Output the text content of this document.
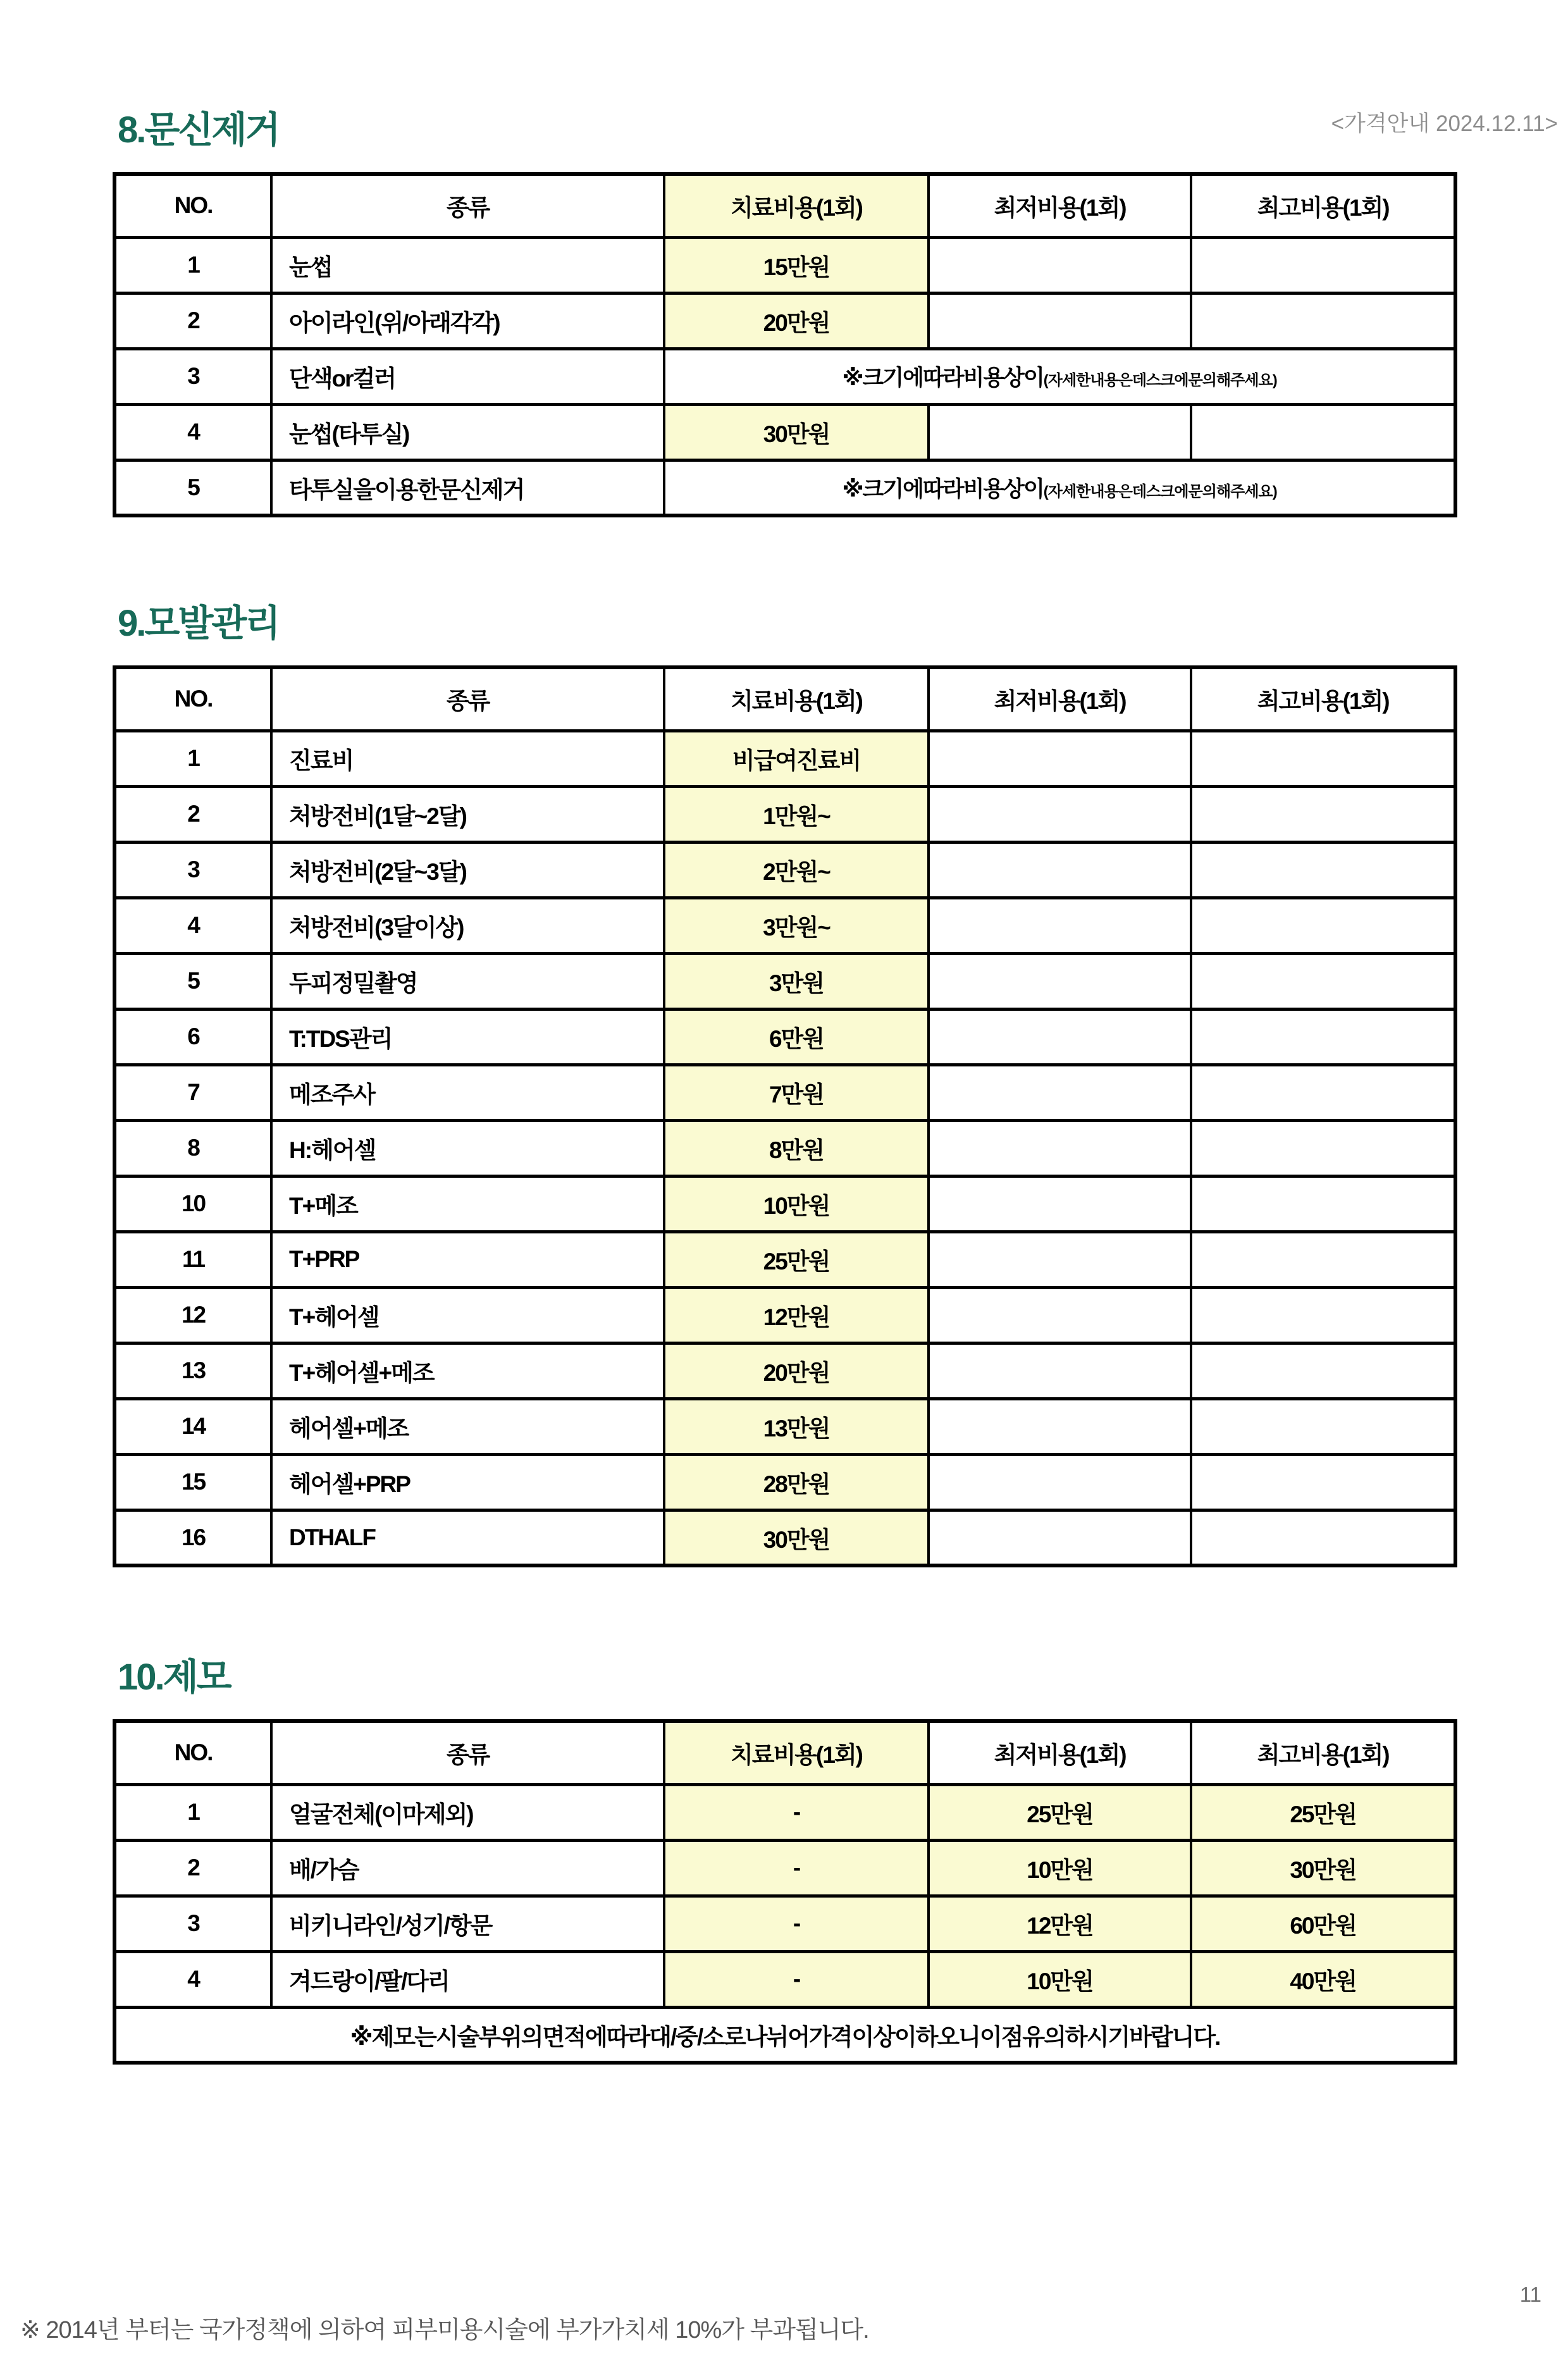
<가격안내 2024.12.11>
8.문신제거
NO.	종류	치료비용(1회)	최저비용(1회)	최고비용(1회)
1	눈썹	15만원		
2	아이라인(위/아래각각)	20만원		
3	단색or컬러	※크기에따라비용상이(자세한내용은데스크에문의해주세요)		
4	눈썹(타투실)	30만원		
5	타투실을이용한문신제거	※크기에따라비용상이(자세한내용은데스크에문의해주세요)		
9.모발관리
NO.	종류	치료비용(1회)	최저비용(1회)	최고비용(1회)
1	진료비	비급여진료비		
2	처방전비(1달~2달)	1만원~		
3	처방전비(2달~3달)	2만원~		
4	처방전비(3달이상)	3만원~		
5	두피정밀촬영	3만원		
6	T:TDS관리	6만원		
7	메조주사	7만원		
8	H:헤어셀	8만원		
10	T+메조	10만원		
11	T+PRP	25만원		
12	T+헤어셀	12만원		
13	T+헤어셀+메조	20만원		
14	헤어셀+메조	13만원		
15	헤어셀+PRP	28만원		
16	DTHALF	30만원		
10.제모
NO.	종류	치료비용(1회)	최저비용(1회)	최고비용(1회)
1	얼굴전체(이마제외)	-	25만원	25만원
2	배/가슴	-	10만원	30만원
3	비키니라인/성기/항문	-	12만원	60만원
4	겨드랑이/팔/다리	-	10만원	40만원
※제모는시술부위의면적에따라대/중/소로나뉘어가격이상이하오니이점유의하시기바랍니다.				
※ 2014년 부터는 국가정책에 의하여 피부미용시술에 부가가치세 10%가 부과됩니다.
11
